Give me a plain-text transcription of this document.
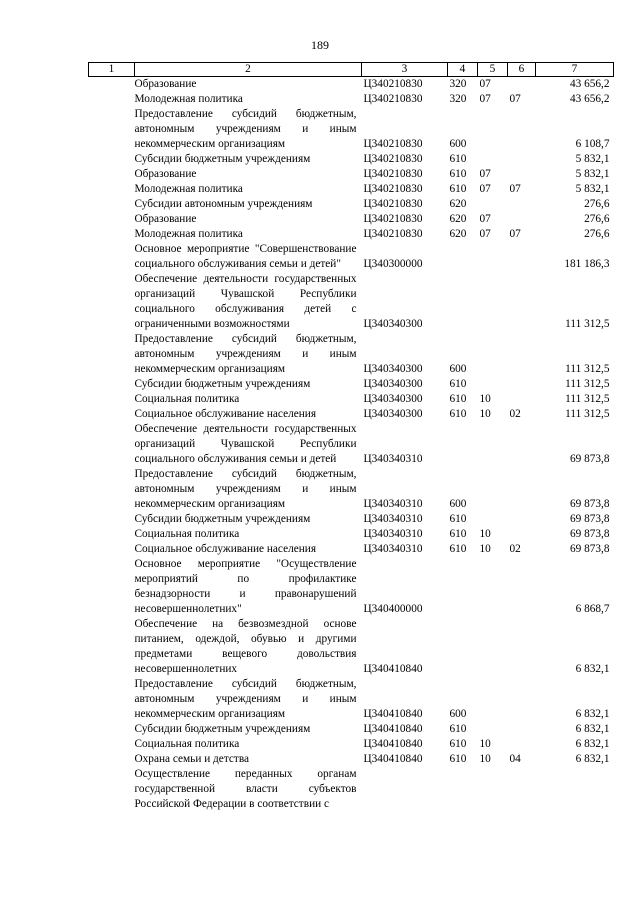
189
1	2	3	4	5	6	7
Образование		Ц340210830	320	07		43 656,2
Молодежная политика		Ц340210830	320	07	07	43 656,2
Предоставление субсидий бюджетным, автономным учреждениям и иным некоммерческим организациям		Ц340210830	600			6 108,7
Субсидии бюджетным учреждениям		Ц340210830	610			5 832,1
Образование		Ц340210830	610	07		5 832,1
Молодежная политика		Ц340210830	610	07	07	5 832,1
Субсидии автономным учреждениям		Ц340210830	620			276,6
Образование		Ц340210830	620	07		276,6
Молодежная политика		Ц340210830	620	07	07	276,6
Основное мероприятие "Совершенствование социального обслуживания семьи и детей"		Ц340300000				181 186,3
Обеспечение деятельности государственных организаций Чувашской Республики социального обслуживания детей с ограниченными возможностями		Ц340340300				111 312,5
Предоставление субсидий бюджетным, автономным учреждениям и иным некоммерческим организациям		Ц340340300	600			111 312,5
Субсидии бюджетным учреждениям		Ц340340300	610			111 312,5
Социальная политика		Ц340340300	610	10		111 312,5
Социальное обслуживание населения		Ц340340300	610	10	02	111 312,5
Обеспечение деятельности государственных организаций Чувашской Республики социального обслуживания семьи и детей		Ц340340310				69 873,8
Предоставление субсидий бюджетным, автономным учреждениям и иным некоммерческим организациям		Ц340340310	600			69 873,8
Субсидии бюджетным учреждениям		Ц340340310	610			69 873,8
Социальная политика		Ц340340310	610	10		69 873,8
Социальное обслуживание населения		Ц340340310	610	10	02	69 873,8
Основное мероприятие "Осуществление мероприятий по профилактике безнадзорности и правонарушений несовершеннолетних"		Ц340400000				6 868,7
Обеспечение на безвозмездной основе питанием, одеждой, обувью и другими предметами вещевого довольствия несовершеннолетних		Ц340410840				6 832,1
Предоставление субсидий бюджетным, автономным учреждениям и иным некоммерческим организациям		Ц340410840	600			6 832,1
Субсидии бюджетным учреждениям		Ц340410840	610			6 832,1
Социальная политика		Ц340410840	610	10		6 832,1
Охрана семьи и детства		Ц340410840	610	10	04	6 832,1
Осуществление переданных органам государственной власти субъектов Российской Федерации в соответствии с						
